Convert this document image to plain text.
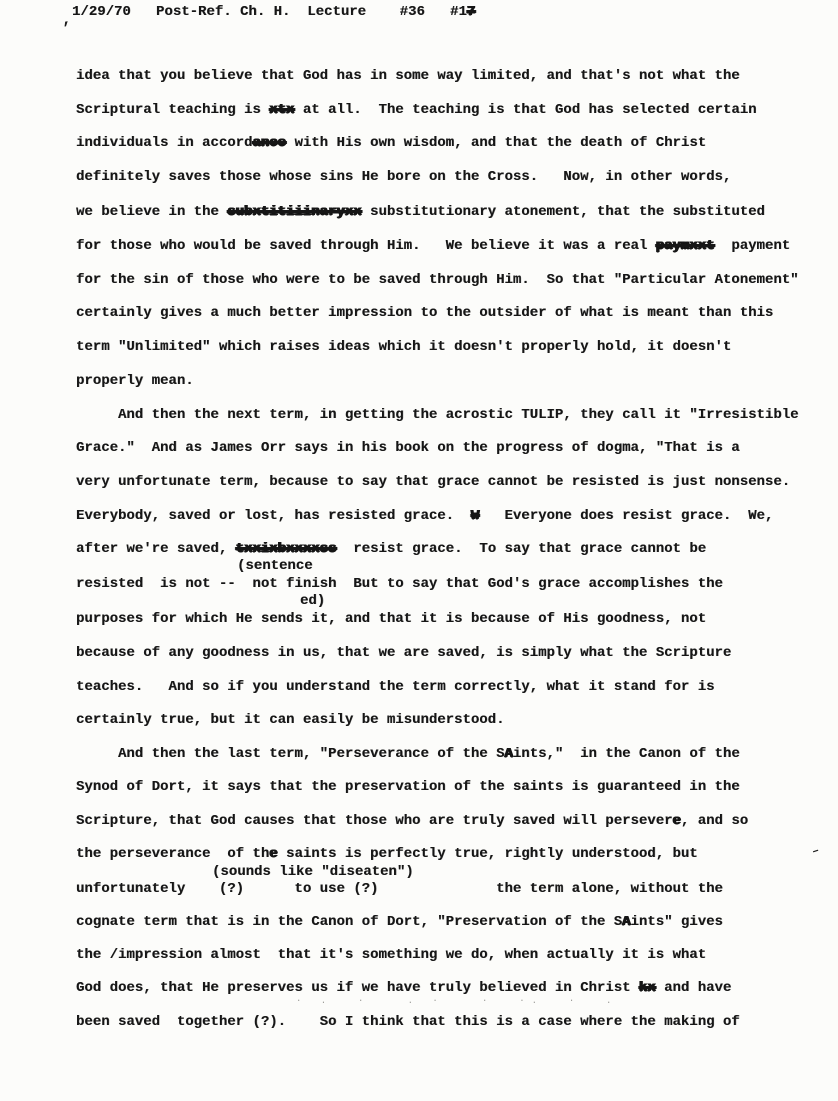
1/29/70   Post-Ref. Ch. H.  Lecture    #36   #17
idea that you believe that God has in some way limited, and that's not what the
Scriptural teaching is xtx at all.  The teaching is that God has selected certain
individuals in accordance with His own wisdom, and that the death of Christ
definitely saves those whose sins He bore on the Cross.   Now, in other words,
we believe in the subxtitiiinaryxx substitutionary atonement, that the substituted
for those who would be saved through Him.   We believe it was a real paymxxt  payment
for the sin of those who were to be saved through Him.  So that "Particular Atonement"
certainly gives a much better impression to the outsider of what is meant than this
term "Unlimited" which raises ideas which it doesn't properly hold, it doesn't
properly mean.
And then the next term, in getting the acrostic TULIP, they call it "Irresistible
Grace."  And as James Orr says in his book on the progress of dogma, "That is a
very unfortunate term, because to say that grace cannot be resisted is just nonsense.
Everybody, saved or lost, has resisted grace.  W   Everyone does resist grace.  We,
after we're saved, txxixbxxxxss  resist grace.  To say that grace cannot be
(sentence
resisted  is not --  not finish  But to say that God's grace accomplishes the
ed)
purposes for which He sends it, and that it is because of His goodness, not
because of any goodness in us, that we are saved, is simply what the Scripture
teaches.   And so if you understand the term correctly, what it stand for is
certainly true, but it can easily be misunderstood.
And then the last term, "Perseverance of the SAints,"  in the Canon of the
Synod of Dort, it says that the preservation of the saints is guaranteed in the
Scripture, that God causes that those who are truly saved will persevere, and so
the perseverance  of the saints is perfectly true, rightly understood, but
(sounds like "diseaten")
unfortunately    (?)      to use (?)              the term alone, without the
cognate term that is in the Canon of Dort, "Preservation of the SAints" gives
the /impression almost  that it's something we do, when actually it is what
God does, that He preserves us if we have truly believed in Christ kx and have
been saved  together (?).    So I think that this is a case where the making of
· .  ·   . ·   ·  ·.  ·  .
’
–
